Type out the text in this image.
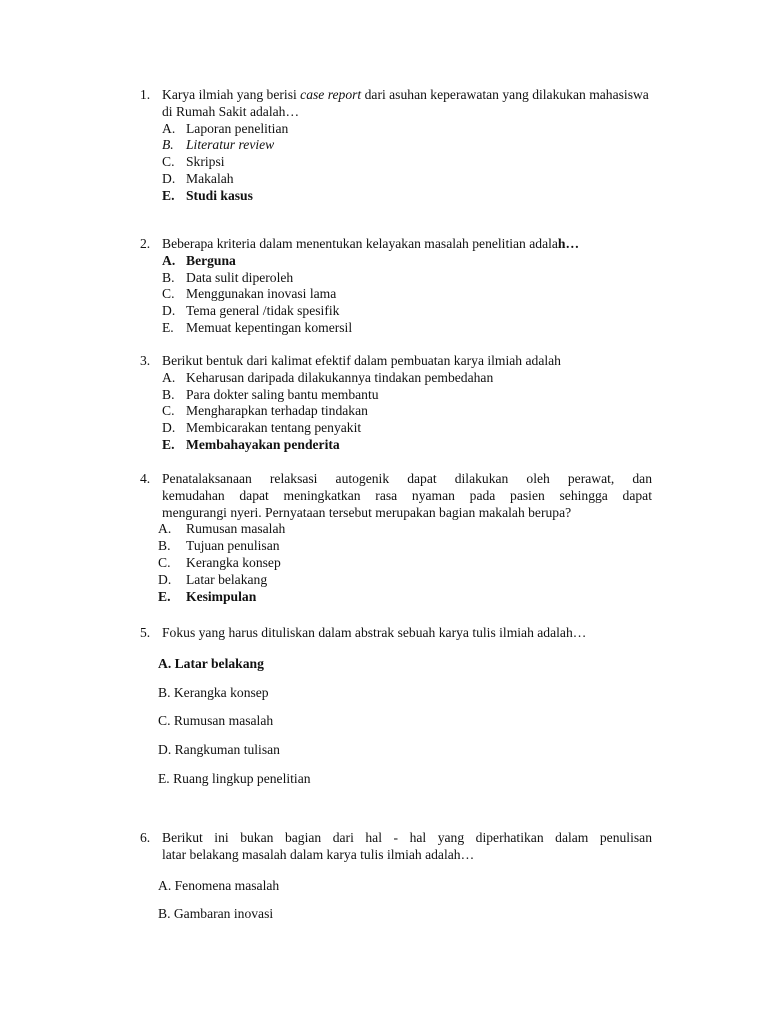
1. Karya ilmiah yang berisi case report dari asuhan keperawatan yang dilakukan mahasiswa di Rumah Sakit adalah…
A. Laporan penelitian
B. Literatur review
C. Skripsi
D. Makalah
E. Studi kasus
2. Beberapa kriteria dalam menentukan kelayakan masalah penelitian adalah…
A. Berguna
B. Data sulit diperoleh
C. Menggunakan inovasi lama
D. Tema general /tidak spesifik
E. Memuat kepentingan komersil
3. Berikut bentuk dari kalimat efektif dalam pembuatan karya ilmiah adalah
A. Keharusan daripada dilakukannya tindakan pembedahan
B. Para dokter saling bantu membantu
C. Mengharapkan terhadap tindakan
D. Membicarakan tentang penyakit
E. Membahayakan penderita
4. Penatalaksanaan relaksasi autogenik dapat dilakukan oleh perawat, dan
kemudahan dapat meningkatkan rasa nyaman pada pasien sehingga dapat
mengurangi nyeri. Pernyataan tersebut merupakan bagian makalah berupa?
A.	Rumusan masalah
B.	Tujuan penulisan
C.	Kerangka konsep
D.	Latar belakang
E.	Kesimpulan
5. Fokus yang harus dituliskan dalam abstrak sebuah karya tulis ilmiah adalah…
A. Latar belakang
B. Kerangka konsep
C. Rumusan masalah
D. Rangkuman tulisan
E. Ruang lingkup penelitian
6. Berikut ini bukan bagian dari hal - hal yang diperhatikan dalam penulisan
latar belakang masalah dalam karya tulis ilmiah adalah…
A. Fenomena masalah
B. Gambaran inovasi
